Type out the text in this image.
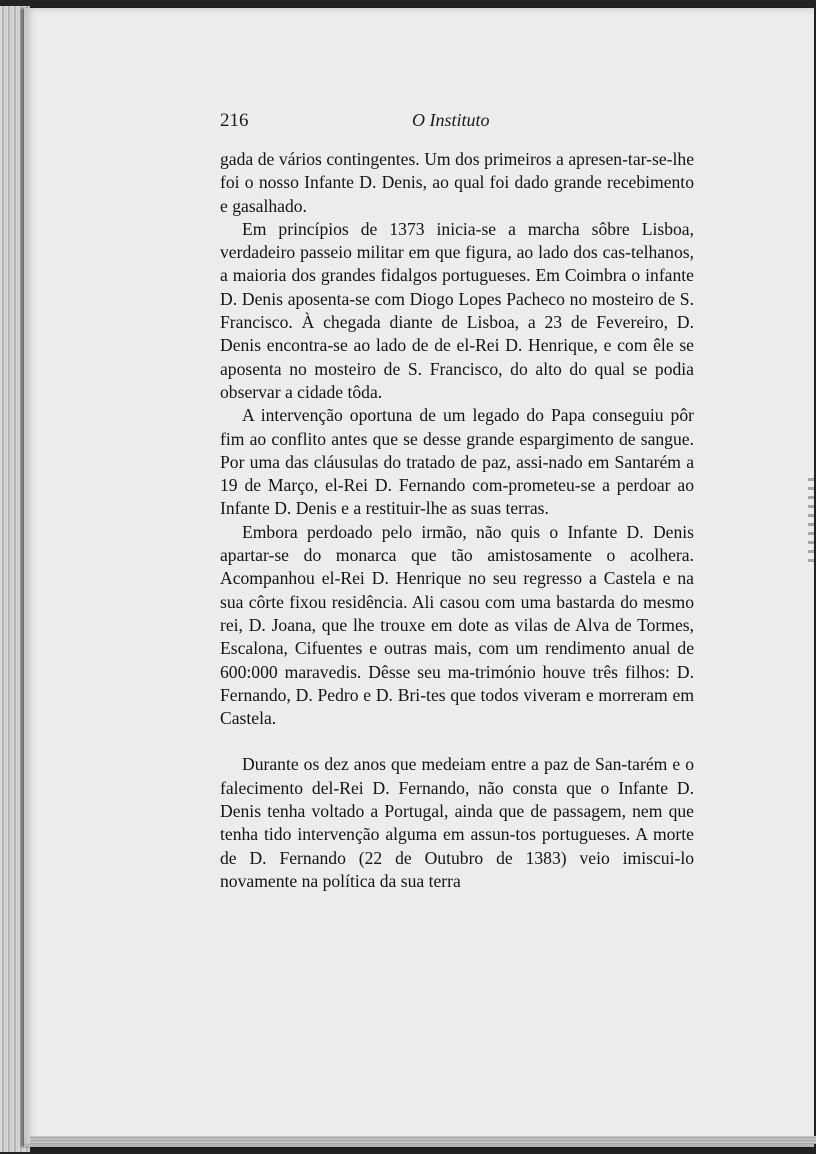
216	O Instituto

gada de vários contingentes. Um dos primeiros a apresen-tar-se-lhe foi o nosso Infante D. Denis, ao qual foi dado grande recebimento e gasalhado.

Em princípios de 1373 inicia-se a marcha sôbre Lisboa, verdadeiro passeio militar em que figura, ao lado dos cas-telhanos, a maioria dos grandes fidalgos portugueses. Em Coimbra o infante D. Denis aposenta-se com Diogo Lopes Pacheco no mosteiro de S. Francisco. À chegada diante de Lisboa, a 23 de Fevereiro, D. Denis encontra-se ao lado de de el-Rei D. Henrique, e com êle se aposenta no mosteiro de S. Francisco, do alto do qual se podia observar a cidade tôda.

A intervenção oportuna de um legado do Papa conseguiu pôr fim ao conflito antes que se desse grande espargimento de sangue. Por uma das cláusulas do tratado de paz, assi-nado em Santarém a 19 de Março, el-Rei D. Fernando com-prometeu-se a perdoar ao Infante D. Denis e a restituir-lhe as suas terras.

Embora perdoado pelo irmão, não quis o Infante D. Denis apartar-se do monarca que tão amistosamente o acolhera. Acompanhou el-Rei D. Henrique no seu regresso a Castela e na sua côrte fixou residência. Ali casou com uma bastarda do mesmo rei, D. Joana, que lhe trouxe em dote as vilas de Alva de Tormes, Escalona, Cifuentes e outras mais, com um rendimento anual de 600:000 maravedis. Dêsse seu ma-trimónio houve três filhos: D. Fernando, D. Pedro e D. Bri-tes que todos viveram e morreram em Castela.

Durante os dez anos que medeiam entre a paz de San-tarém e o falecimento del-Rei D. Fernando, não consta que o Infante D. Denis tenha voltado a Portugal, ainda que de passagem, nem que tenha tido intervenção alguma em assun-tos portugueses. A morte de D. Fernando (22 de Outubro de 1383) veio imiscui-lo novamente na política da sua terra
